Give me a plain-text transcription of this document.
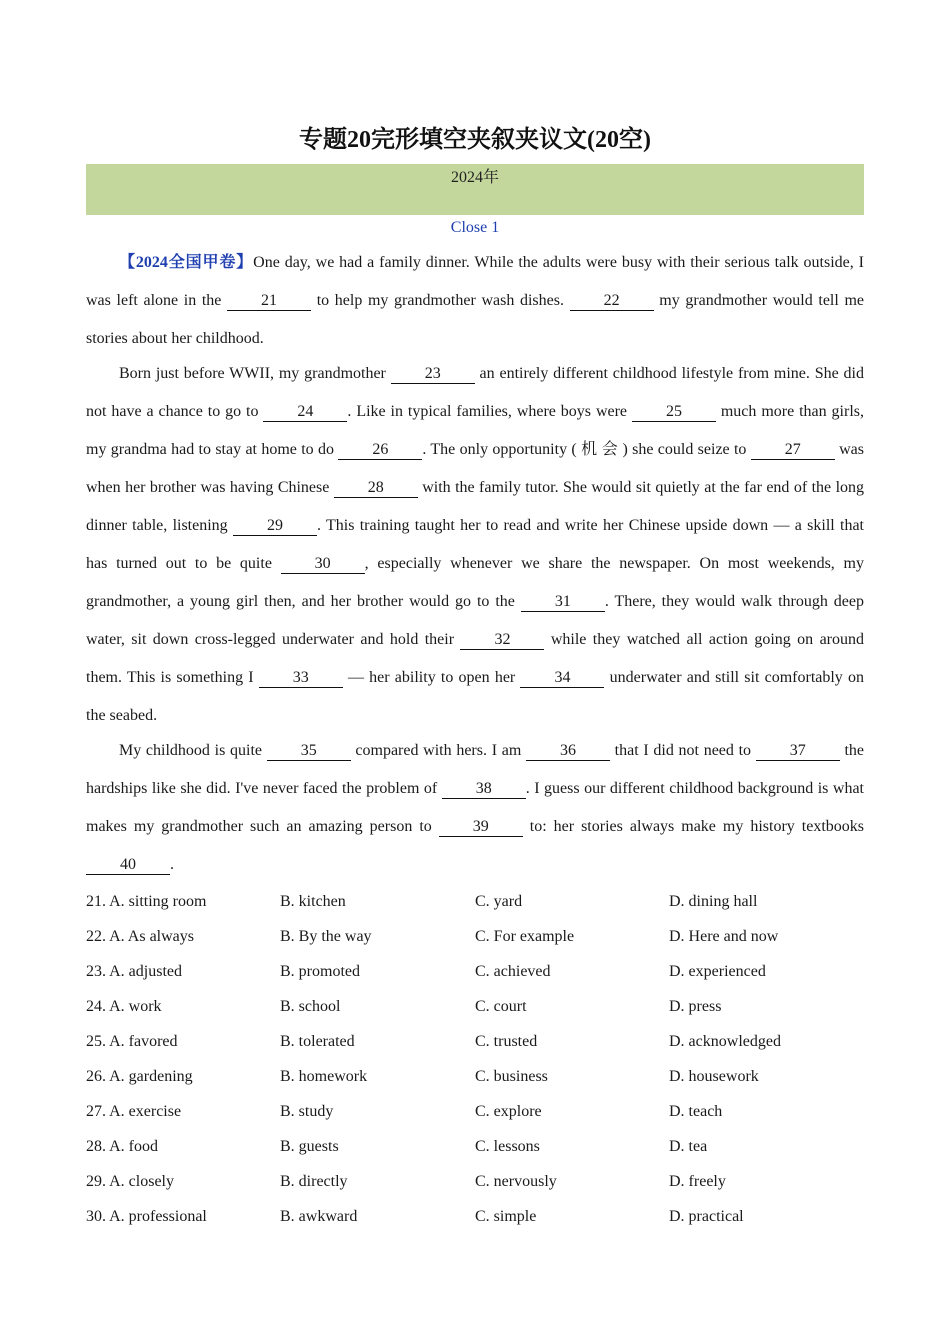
专题20完形填空夹叙夹议文(20空)
2024年
Close 1

【2024全国甲卷】One day, we had a family dinner. While the adults were busy with their serious talk outside, I was left alone in the 21 to help my grandmother wash dishes. 22 my grandmother would tell me stories about her childhood.

Born just before WWII, my grandmother 23 an entirely different childhood lifestyle from mine. She did not have a chance to go to 24 . Like in typical families, where boys were 25 much more than girls, my grandma had to stay at home to do 26 . The only opportunity ( 机 会 ) she could seize to 27 was when her brother was having Chinese 28 with the family tutor. She would sit quietly at the far end of the long dinner table, listening 29 . This training taught her to read and write her Chinese upside down — a skill that has turned out to be quite 30 , especially whenever we share the newspaper. On most weekends, my grandmother, a young girl then, and her brother would go to the 31 . There, they would walk through deep water, sit down cross-legged underwater and hold their 32 while they watched all action going on around them. This is something I 33 — her ability to open her 34 underwater and still sit comfortably on the seabed.

My childhood is quite 35 compared with hers. I am 36 that I did not need to 37 the hardships like she did. I've never faced the problem of 38 . I guess our different childhood background is what makes my grandmother such an amazing person to 39 to: her stories always make my history textbooks 40 .

21. A. sitting room	B. kitchen	C. yard	D. dining hall
22. A. As always	B. By the way	C. For example	D. Here and now
23. A. adjusted	B. promoted	C. achieved	D. experienced
24. A. work	B. school	C. court	D. press
25. A. favored	B. tolerated	C. trusted	D. acknowledged
26. A. gardening	B. homework	C. business	D. housework
27. A. exercise	B. study	C. explore	D. teach
28. A. food	B. guests	C. lessons	D. tea
29. A. closely	B. directly	C. nervously	D. freely
30. A. professional	B. awkward	C. simple	D. practical
